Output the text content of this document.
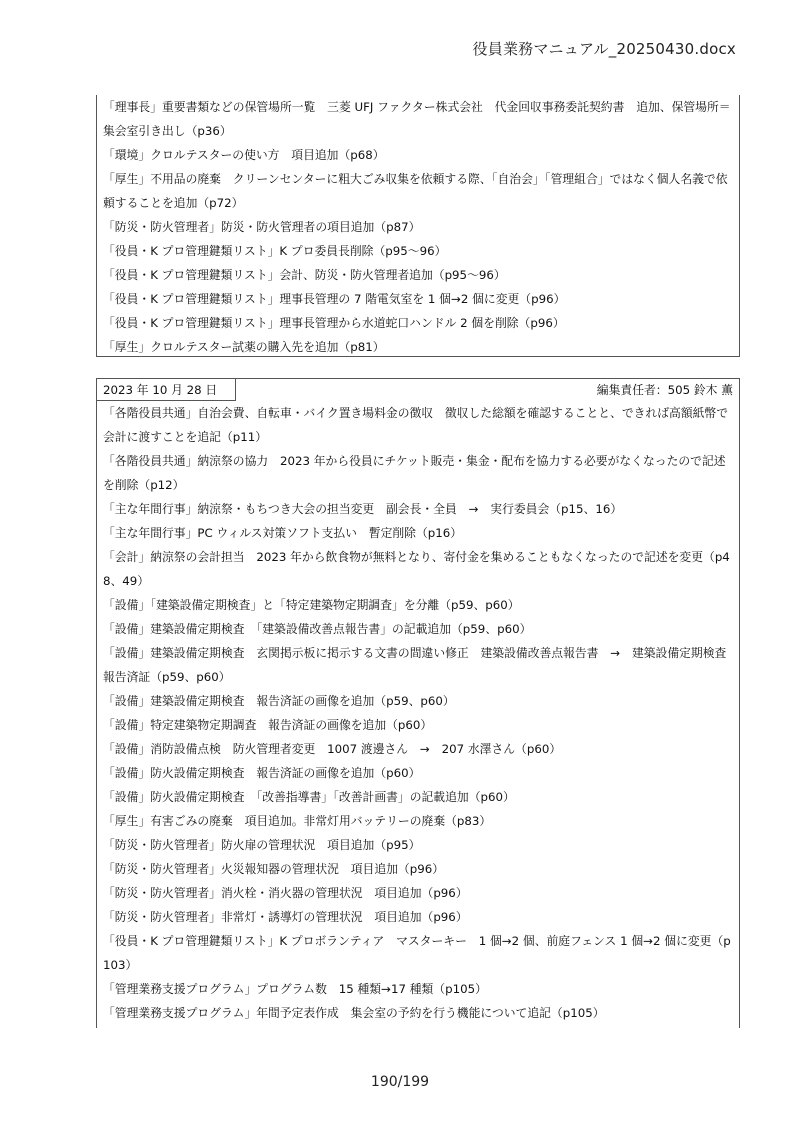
役員業務マニュアル_20250430.docx
「理事長」重要書類などの保管場所一覧　三菱 UFJ ファクター株式会社　代金回収事務委託契約書　追加、保管場所＝集会室引き出し（p36）
「環境」クロルテスターの使い方　項目追加（p68）
「厚生」不用品の廃棄　クリーンセンターに粗大ごみ収集を依頼する際、「自治会」「管理組合」ではなく個人名義で依頼することを追加（p72）
「防災・防火管理者」防災・防火管理者の項目追加（p87）
「役員・K プロ管理鍵類リスト」K プロ委員長削除（p95〜96）
「役員・K プロ管理鍵類リスト」会計、防災・防火管理者追加（p95〜96）
「役員・K プロ管理鍵類リスト」理事長管理の 7 階電気室を 1 個→2 個に変更（p96）
「役員・K プロ管理鍵類リスト」理事長管理から水道蛇口ハンドル 2 個を削除（p96）
「厚生」クロルテスター試薬の購入先を追加（p81）
2023 年 10 月 28 日	編集責任者：505 鈴木 薫
「各階役員共通」自治会費、自転車・バイク置き場料金の徴収　徴収した総額を確認することと、できれば高額紙幣で会計に渡すことを追記（p11）
「各階役員共通」納涼祭の協力　2023 年から役員にチケット販売・集金・配布を協力する必要がなくなったので記述を削除（p12）
「主な年間行事」納涼祭・もちつき大会の担当変更　副会長・全員　→　実行委員会（p15、16）
「主な年間行事」PC ウィルス対策ソフト支払い　暫定削除（p16）
「会計」納涼祭の会計担当　2023 年から飲食物が無料となり、寄付金を集めることもなくなったので記述を変更（p48、49）
「設備」「建築設備定期検査」と「特定建築物定期調査」を分離（p59、p60）
「設備」建築設備定期検査　「建築設備改善点報告書」の記載追加（p59、p60）
「設備」建築設備定期検査　玄関掲示板に掲示する文書の間違い修正　建築設備改善点報告書　→　建築設備定期検査報告済証（p59、p60）
「設備」建築設備定期検査　報告済証の画像を追加（p59、p60）
「設備」特定建築物定期調査　報告済証の画像を追加（p60）
「設備」消防設備点検　防火管理者変更　1007 渡邊さん　→　207 水澤さん（p60）
「設備」防火設備定期検査　報告済証の画像を追加（p60）
「設備」防火設備定期検査　「改善指導書」「改善計画書」の記載追加（p60）
「厚生」有害ごみの廃棄　項目追加。非常灯用バッテリーの廃棄（p83）
「防災・防火管理者」防火扉の管理状況　項目追加（p95）
「防災・防火管理者」火災報知器の管理状況　項目追加（p96）
「防災・防火管理者」消火栓・消火器の管理状況　項目追加（p96）
「防災・防火管理者」非常灯・誘導灯の管理状況　項目追加（p96）
「役員・K プロ管理鍵類リスト」K プロボランティア　マスターキー　1 個→2 個、前庭フェンス 1 個→2 個に変更（p103）
「管理業務支援プログラム」プログラム数　15 種類→17 種類（p105）
「管理業務支援プログラム」年間予定表作成　集会室の予約を行う機能について追記（p105）
190/199
